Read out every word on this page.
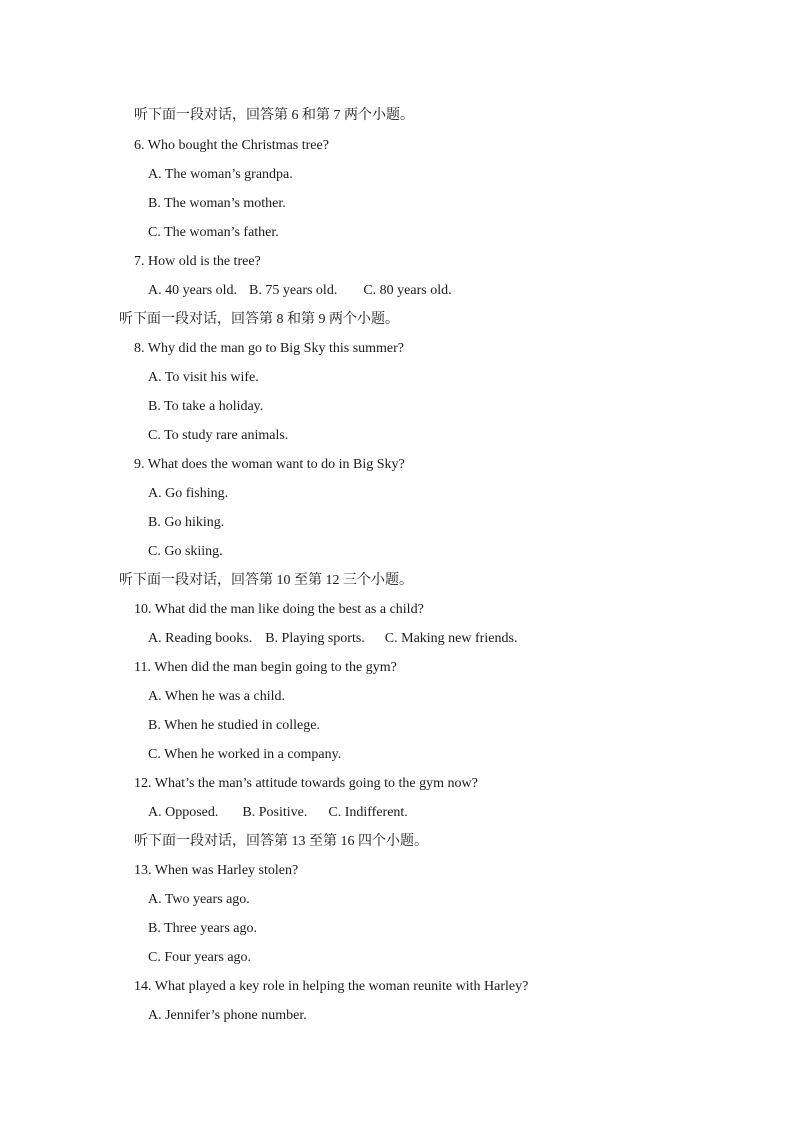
听下面一段对话，回答第 6 和第 7 两个小题。
6. Who bought the Christmas tree?
A. The woman’s grandpa.
B. The woman’s mother.
C. The woman’s father.
7. How old is the tree?
A. 40 years old. B. 75 years old. C. 80 years old.
听下面一段对话，回答第 8 和第 9 两个小题。
8. Why did the man go to Big Sky this summer?
A. To visit his wife.
B. To take a holiday.
C. To study rare animals.
9. What does the woman want to do in Big Sky?
A. Go fishing.
B. Go hiking.
C. Go skiing.
听下面一段对话，回答第 10 至第 12 三个小题。
10. What did the man like doing the best as a child?
A. Reading books. B. Playing sports. C. Making new friends.
11. When did the man begin going to the gym?
A. When he was a child.
B. When he studied in college.
C. When he worked in a company.
12. What’s the man’s attitude towards going to the gym now?
A. Opposed. B. Positive. C. Indifferent.
听下面一段对话，回答第 13 至第 16 四个小题。
13. When was Harley stolen?
A. Two years ago.
B. Three years ago.
C. Four years ago.
14. What played a key role in helping the woman reunite with Harley?
A. Jennifer’s phone number.
